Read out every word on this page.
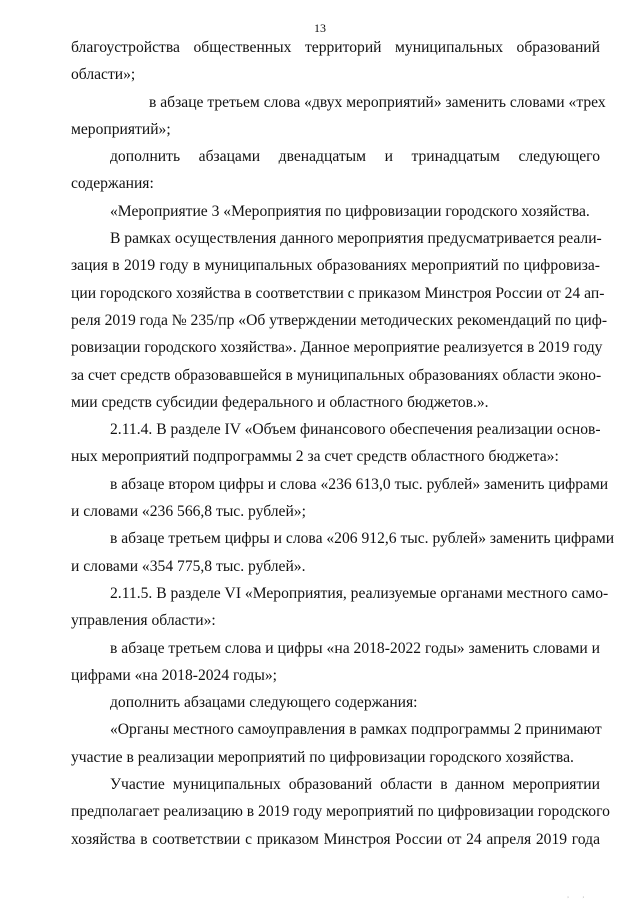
13
благоустройства общественных территорий муниципальных образований
области»;
в абзаце третьем слова «двух мероприятий» заменить словами «трех
мероприятий»;
дополнить абзацами двенадцатым и тринадцатым следующего
содержания:
«Мероприятие 3 «Мероприятия по цифровизации городского хозяйства.
В рамках осуществления данного мероприятия предусматривается реали-
зация в 2019 году в муниципальных образованиях мероприятий по цифровиза-
ции городского хозяйства в соответствии с приказом Минстроя России от 24 ап-
реля 2019 года № 235/пр «Об утверждении методических рекомендаций по циф-
ровизации городского хозяйства». Данное мероприятие реализуется в 2019 году
за счет средств образовавшейся в муниципальных образованиях области эконо-
мии средств субсидии федерального и областного бюджетов.».
2.11.4. В разделе IV «Объем финансового обеспечения реализации основ-
ных мероприятий подпрограммы 2 за счет средств областного бюджета»:
в абзаце втором цифры и слова «236 613,0 тыс. рублей» заменить цифрами
и словами «236 566,8 тыс. рублей»;
в абзаце третьем цифры и слова «206 912,6 тыс. рублей» заменить цифрами
и словами «354 775,8 тыс. рублей».
2.11.5. В разделе VI «Мероприятия, реализуемые органами местного само-
управления области»:
в абзаце третьем слова и цифры «на 2018-2022 годы» заменить словами и
цифрами «на 2018-2024 годы»;
дополнить абзацами следующего содержания:
«Органы местного самоуправления в рамках подпрограммы 2 принимают
участие в реализации мероприятий по цифровизации городского хозяйства.
Участие муниципальных образований области в данном мероприятии
предполагает реализацию в 2019 году мероприятий по цифровизации городского
хозяйства в соответствии с приказом Минстроя России от 24 апреля 2019 года
‚ ‚
